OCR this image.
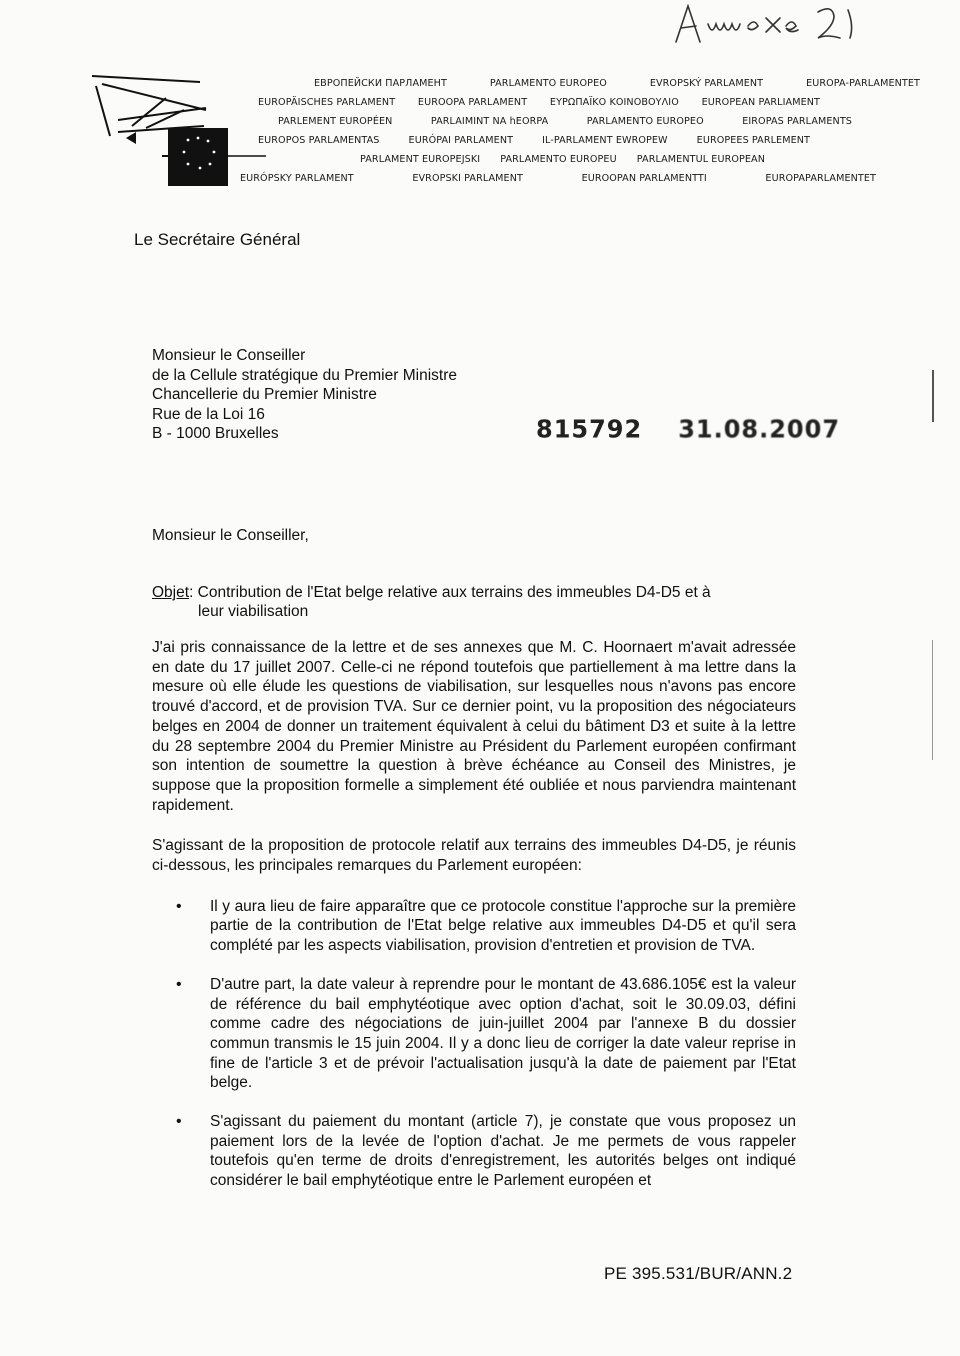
ЕВРОПЕЙСКИ ПАРЛАМЕНТ	PARLAMENTO EUROPEO	EVROPSKÝ PARLAMENT	EUROPA-PARLAMENTET
EUROPÄISCHES PARLAMENT EUROOPA PARLAMENT ΕΥΡΩΠΑΪΚΟ ΚΟΙΝΟΒΟΥΛΙΟ EUROPEAN PARLIAMENT
PARLEMENT EUROPÉEN	PARLAIMINT NA hEORPA	PARLAMENTO EUROPEO	EIROPAS PARLAMENTS
EUROPOS PARLAMENTAS	EURÓPAI PARLAMENT	IL-PARLAMENT EWROPEW	EUROPEES PARLEMENT
PARLAMENT EUROPEJSKI PARLAMENTO EUROPEU PARLAMENTUL EUROPEAN
EURÓPSKY PARLAMENT	EVROPSKI PARLAMENT	EUROOPAN PARLAMENTTI	EUROPAPARLAMENTET
Le Secrétaire Général
Monsieur le Conseiller
de la Cellule stratégique du Premier Ministre
Chancellerie du Premier Ministre
Rue de la Loi 16
B - 1000 Bruxelles	815792 31.08.2007
Monsieur le Conseiller,
Objet: Contribution de l'Etat belge relative aux terrains des immeubles D4-D5 et à
leur viabilisation

J'ai pris connaissance de la lettre et de ses annexes que M. C. Hoornaert m'avait adressée en date du 17 juillet 2007. Celle-ci ne répond toutefois que partiellement à ma lettre dans la mesure où elle élude les questions de viabilisation, sur lesquelles nous n'avons pas encore trouvé d'accord, et de provision TVA. Sur ce dernier point, vu la proposition des négociateurs belges en 2004 de donner un traitement équivalent à celui du bâtiment D3 et suite à la lettre du 28 septembre 2004 du Premier Ministre au Président du Parlement européen confirmant son intention de soumettre la question à brève échéance au Conseil des Ministres, je suppose que la proposition formelle a simplement été oubliée et nous parviendra maintenant rapidement.

S'agissant de la proposition de protocole relatif aux terrains des immeubles D4-D5, je réunis ci-dessous, les principales remarques du Parlement européen:

• Il y aura lieu de faire apparaître que ce protocole constitue l'approche sur la première partie de la contribution de l'Etat belge relative aux immeubles D4-D5 et qu'il sera complété par les aspects viabilisation, provision d'entretien et provision de TVA.
• D'autre part, la date valeur à reprendre pour le montant de 43.686.105€ est la valeur de référence du bail emphytéotique avec option d'achat, soit le 30.09.03, défini comme cadre des négociations de juin-juillet 2004 par l'annexe B du dossier commun transmis le 15 juin 2004. Il y a donc lieu de corriger la date valeur reprise in fine de l'article 3 et de prévoir l'actualisation jusqu'à la date de paiement par l'Etat belge.
• S'agissant du paiement du montant (article 7), je constate que vous proposez un paiement lors de la levée de l'option d'achat. Je me permets de vous rappeler toutefois qu'en terme de droits d'enregistrement, les autorités belges ont indiqué considérer le bail emphytéotique entre le Parlement européen et
PE 395.531/BUR/ANN.2
